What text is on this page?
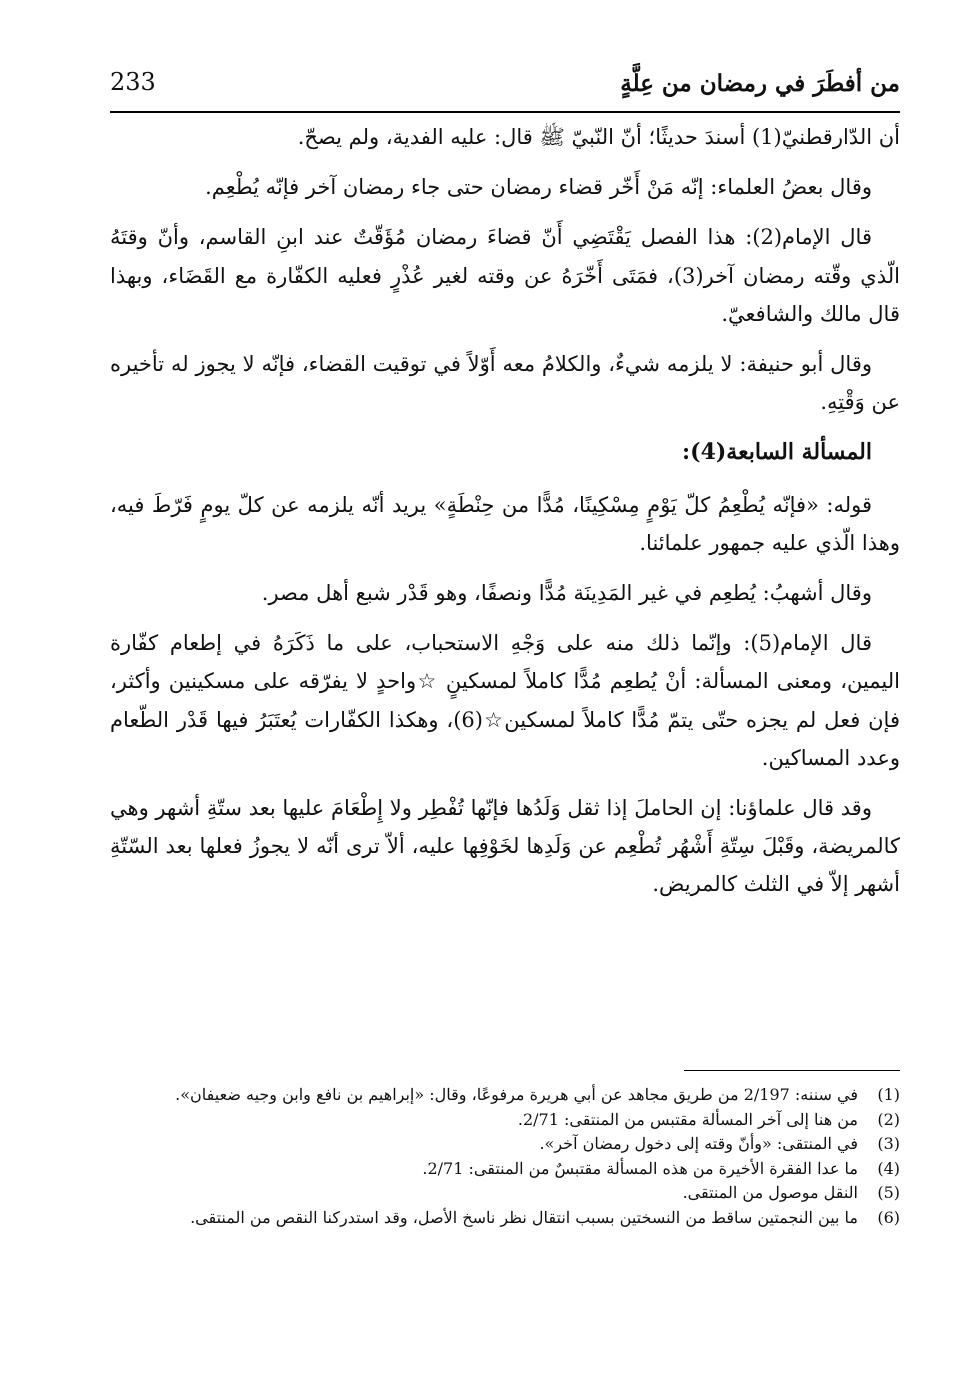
من أفطَرَ في رمضان من عِلَّةٍ
233

أن الدّارقطنيّ(1) أسندَ حديثًا؛ أنّ النّبيّ ﷺ قال: عليه الفدية، ولم يصحّ.

وقال بعضُ العلماء: إنّه مَنْ أَخّر قضاء رمضان حتى جاء رمضان آخر فإنّه يُطْعِم.

قال الإمام(2): هذا الفصل يَقْتَضِي أَنّ قضاءَ رمضان مُؤَقّتٌ عند ابنِ القاسم، وأنّ وقتَهُ الّذي وقّته رمضان آخر(3)، فمَتَى أَخّرَهُ عن وقته لغير عُذْرٍ فعليه الكفّارة مع القَضَاء، وبهذا قال مالك والشافعيّ.

وقال أبو حنيفة: لا يلزمه شيءٌ، والكلامُ معه أَوّلاً في توقيت القضاء، فإنّه لا يجوز له تأخيره عن وَقْتِهِ.

المسألة السابعة(4):

قوله: «فإنّه يُطْعِمُ كلّ يَوْمٍ مِسْكِينًا، مُدًّا من حِنْطَةٍ» يريد أنّه يلزمه عن كلّ يومٍ فَرّطَ فيه، وهذا الّذي عليه جمهور علمائنا.

وقال أشهبُ: يُطعِم في غير المَدِينَة مُدًّا ونصفًا، وهو قَدْر شبع أهل مصر.

قال الإمام(5): وإنّما ذلك منه على وَجْهِ الاستحباب، على ما ذَكَرَهُ في إطعام كفّارة اليمين، ومعنى المسألة: أنْ يُطعِم مُدًّا كاملاً لمسكينٍ ☆واحدٍ لا يفرّقه على مسكينين وأكثر، فإن فعل لم يجزه حتّى يتمّ مُدًّا كاملاً لمسكين☆(6)، وهكذا الكفّارات يُعتَبَرُ فيها قَدْر الطّعام وعدد المساكين.

وقد قال علماؤنا: إن الحاملَ إذا ثقل وَلَدُها فإنّها تُفْطِر ولا إِطْعَامَ عليها بعد ستّةِ أشهر وهي كالمريضة، وقَبْلَ سِتّةِ أَشْهُر تُطْعِم عن وَلَدِها لخَوْفِها عليه، ألاّ ترى أنّه لا يجوزُ فعلها بعد السّتّةِ أشهر إلاّ في الثلث كالمريض.

(1)
في سننه: 2/197 من طريق مجاهد عن أبي هريرة مرفوعًا، وقال: «إبراهيم بن نافع وابن وجيه ضعيفان».
(2)
من هنا إلى آخر المسألة مقتبس من المنتقى: 2/71.
(3)
في المنتقى: «وأنّ وقته إلى دخول رمضان آخر».
(4)
ما عدا الفقرة الأخيرة من هذه المسألة مقتبسٌ من المنتقى: 2/71.
(5)
النقل موصول من المنتقى.
(6)
ما بين النجمتين ساقط من النسختين بسبب انتقال نظر ناسخ الأصل، وقد استدركنا النقص من المنتقى.
